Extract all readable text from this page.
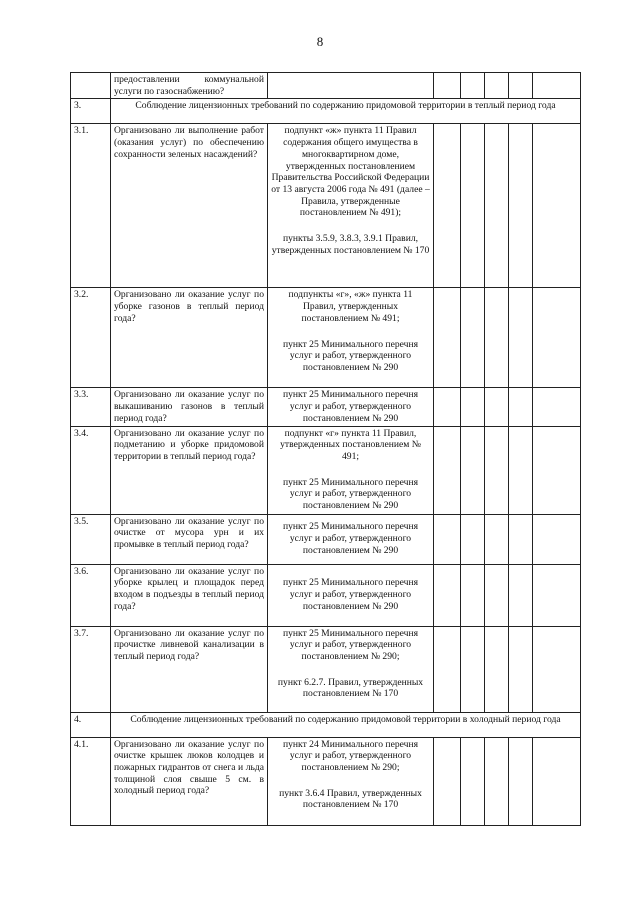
8
	предоставлении коммунальной услуги по газоснабжению?						
3.	Соблюдение лицензионных требований по содержанию придомовой территории в теплый период года						
3.1.	Организовано ли выполнение работ (оказания услуг) по обеспечению сохранности зеленых насаждений?	подпункт «ж» пункта 11 Правил содержания общего имущества в многоквартирном доме, утвержденных постановлением Правительства Российской Федерации от 13 августа 2006 года № 491 (далее – Правила, утвержденные постановлением № 491);
пункты 3.5.9, 3.8.3, 3.9.1 Правил, утвержденных постановлением № 170					

3.2.	Организовано ли оказание услуг по уборке газонов в теплый период года?	подпункты «г», «ж» пункта 11 Правил, утвержденных постановлением № 491;
пункт 25 Минимального перечня услуг и работ, утвержденного постановлением № 290					

3.3.	Организовано ли оказание услуг по выкашиванию газонов в теплый период года?	пункт 25 Минимального перечня услуг и работ, утвержденного постановлением № 290					

3.4.	Организовано ли оказание услуг по подметанию и уборке придомовой территории в теплый период года?	подпункт «г» пункта 11 Правил, утвержденных постановлением № 491;
пункт 25 Минимального перечня услуг и работ, утвержденного постановлением № 290					

3.5.	Организовано ли оказание услуг по очистке от мусора урн и их промывке в теплый период года?	пункт 25 Минимального перечня услуг и работ, утвержденного постановлением № 290					

3.6.	Организовано ли оказание услуг по уборке крылец и площадок перед входом в подъезды в теплый период года?	пункт 25 Минимального перечня услуг и работ, утвержденного постановлением № 290					

3.7.	Организовано ли оказание услуг по прочистке ливневой канализации в теплый период года?	пункт 25 Минимального перечня услуг и работ, утвержденного постановлением № 290;
пункт 6.2.7. Правил, утвержденных постановлением № 170					

4.	Соблюдение лицензионных требований по содержанию придомовой территории в холодный период года						
4.1.	Организовано ли оказание услуг по очистке крышек люков колодцев и пожарных гидрантов от снега и льда толщиной слоя свыше 5 см. в холодный период года?	пункт 24 Минимального перечня услуг и работ, утвержденного постановлением № 290;
пункт 3.6.4 Правил, утвержденных постановлением № 170					
